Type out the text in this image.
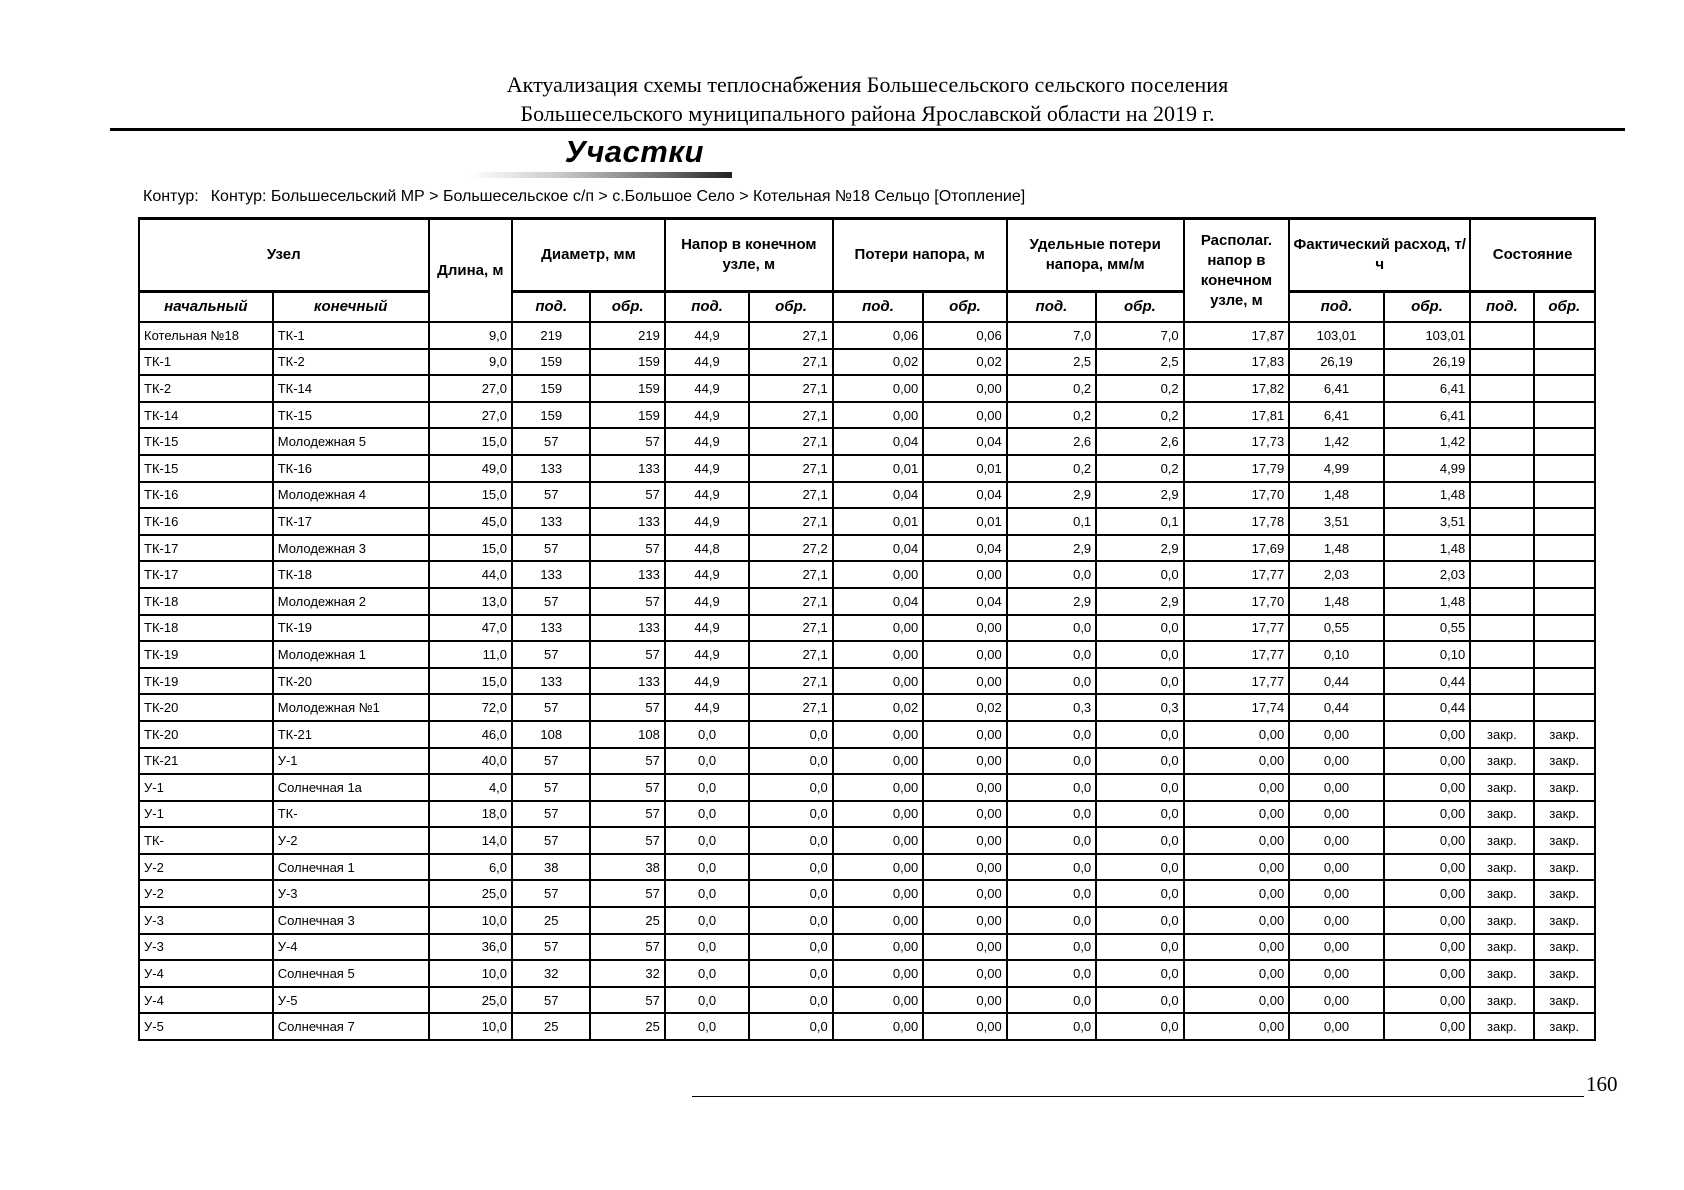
Актуализация схемы теплоснабжения Большесельского сельского поселения
Большесельского муниципального района Ярославской области на 2019 г.
Участки
Контур: Контур: Большесельский МР > Большесельское с/п > с.Большое Село > Котельная №18 Сельцо [Отопление]
Узел		Длина, м	Диаметр, мм		Напор в конечном узле, м		Потери напора, м		Удельные потери напора, мм/м		Располаг. напор в конечном узле, м	Фактический расход, т/ч		Состояние	
начальный	конечный		под.	обр.	под.	обр.	под.	обр.	под.	обр.		под.	обр.	под.	обр.
Котельная №18	ТК-1	9,0	219	219	44,9	27,1	0,06	0,06	7,0	7,0	17,87	103,01	103,01		
ТК-1	ТК-2	9,0	159	159	44,9	27,1	0,02	0,02	2,5	2,5	17,83	26,19	26,19		
ТК-2	ТК-14	27,0	159	159	44,9	27,1	0,00	0,00	0,2	0,2	17,82	6,41	6,41		
ТК-14	ТК-15	27,0	159	159	44,9	27,1	0,00	0,00	0,2	0,2	17,81	6,41	6,41		
ТК-15	Молодежная 5	15,0	57	57	44,9	27,1	0,04	0,04	2,6	2,6	17,73	1,42	1,42		
ТК-15	ТК-16	49,0	133	133	44,9	27,1	0,01	0,01	0,2	0,2	17,79	4,99	4,99		
ТК-16	Молодежная 4	15,0	57	57	44,9	27,1	0,04	0,04	2,9	2,9	17,70	1,48	1,48		
ТК-16	ТК-17	45,0	133	133	44,9	27,1	0,01	0,01	0,1	0,1	17,78	3,51	3,51		
ТК-17	Молодежная 3	15,0	57	57	44,8	27,2	0,04	0,04	2,9	2,9	17,69	1,48	1,48		
ТК-17	ТК-18	44,0	133	133	44,9	27,1	0,00	0,00	0,0	0,0	17,77	2,03	2,03		
ТК-18	Молодежная 2	13,0	57	57	44,9	27,1	0,04	0,04	2,9	2,9	17,70	1,48	1,48		
ТК-18	ТК-19	47,0	133	133	44,9	27,1	0,00	0,00	0,0	0,0	17,77	0,55	0,55		
ТК-19	Молодежная 1	11,0	57	57	44,9	27,1	0,00	0,00	0,0	0,0	17,77	0,10	0,10		
ТК-19	ТК-20	15,0	133	133	44,9	27,1	0,00	0,00	0,0	0,0	17,77	0,44	0,44		
ТК-20	Молодежная №1	72,0	57	57	44,9	27,1	0,02	0,02	0,3	0,3	17,74	0,44	0,44		
ТК-20	ТК-21	46,0	108	108	0,0	0,0	0,00	0,00	0,0	0,0	0,00	0,00	0,00	закр.	закр.
ТК-21	У-1	40,0	57	57	0,0	0,0	0,00	0,00	0,0	0,0	0,00	0,00	0,00	закр.	закр.
У-1	Солнечная 1а	4,0	57	57	0,0	0,0	0,00	0,00	0,0	0,0	0,00	0,00	0,00	закр.	закр.
У-1	ТК-	18,0	57	57	0,0	0,0	0,00	0,00	0,0	0,0	0,00	0,00	0,00	закр.	закр.
ТК-	У-2	14,0	57	57	0,0	0,0	0,00	0,00	0,0	0,0	0,00	0,00	0,00	закр.	закр.
У-2	Солнечная 1	6,0	38	38	0,0	0,0	0,00	0,00	0,0	0,0	0,00	0,00	0,00	закр.	закр.
У-2	У-3	25,0	57	57	0,0	0,0	0,00	0,00	0,0	0,0	0,00	0,00	0,00	закр.	закр.
У-3	Солнечная 3	10,0	25	25	0,0	0,0	0,00	0,00	0,0	0,0	0,00	0,00	0,00	закр.	закр.
У-3	У-4	36,0	57	57	0,0	0,0	0,00	0,00	0,0	0,0	0,00	0,00	0,00	закр.	закр.
У-4	Солнечная 5	10,0	32	32	0,0	0,0	0,00	0,00	0,0	0,0	0,00	0,00	0,00	закр.	закр.
У-4	У-5	25,0	57	57	0,0	0,0	0,00	0,00	0,0	0,0	0,00	0,00	0,00	закр.	закр.
У-5	Солнечная 7	10,0	25	25	0,0	0,0	0,00	0,00	0,0	0,0	0,00	0,00	0,00	закр.	закр.
160
